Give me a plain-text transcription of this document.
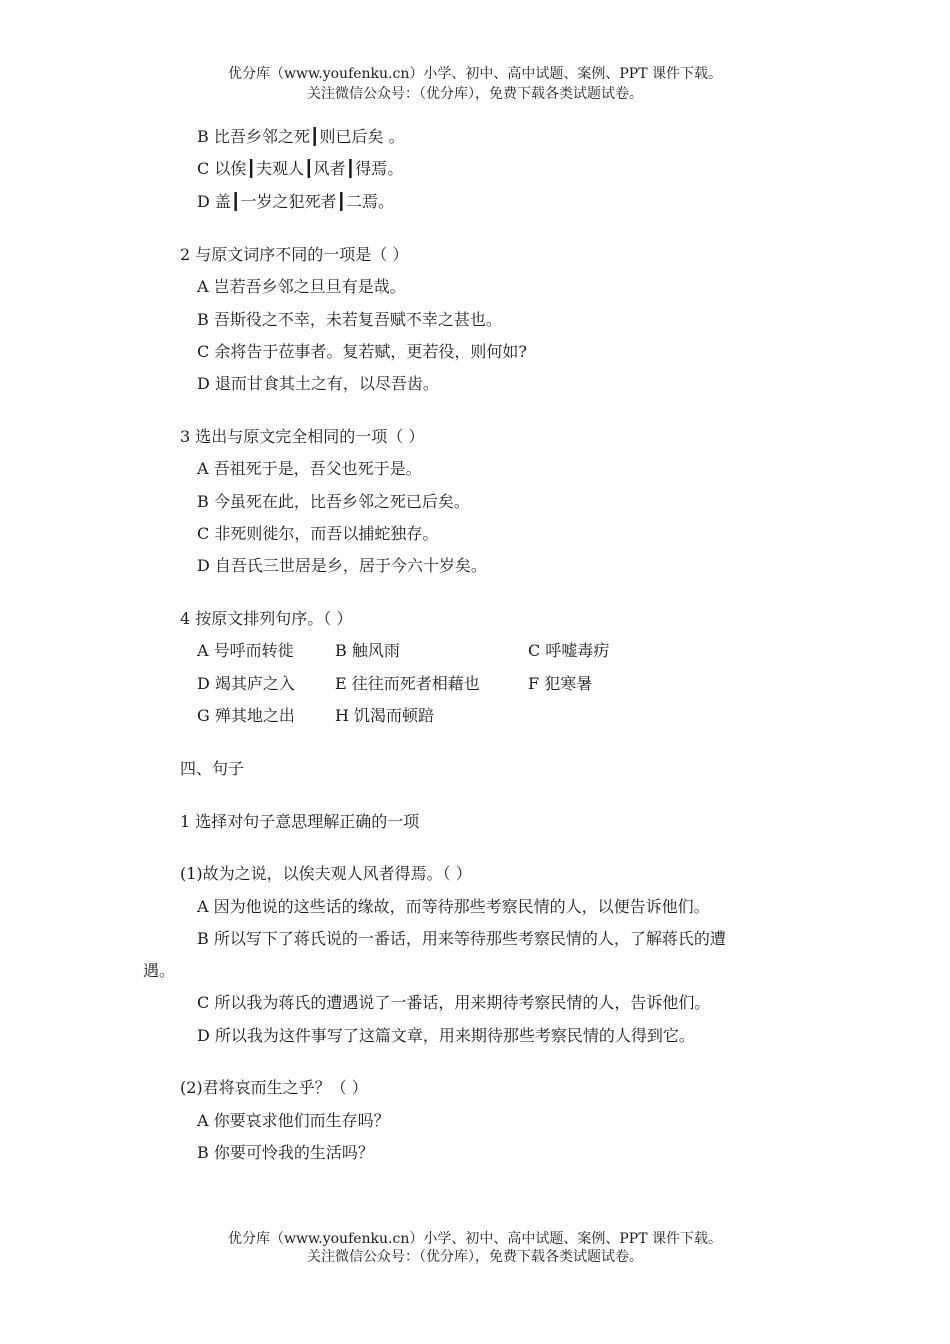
优分库（www.youfenku.cn）小学、初中、高中试题、案例、PPT 课件下载。
关注微信公众号：（优分库），免费下载各类试题试卷。
B 比吾乡邻之死┃则已后矣 。
C 以俟┃夫观人┃风者┃得焉。
D 盖┃一岁之犯死者┃二焉。
2 与原文词序不同的一项是（ ）
A 岂若吾乡邻之旦旦有是哉。
B 吾斯役之不幸，未若复吾赋不幸之甚也。
C 余将告于莅事者。复若赋，更若役，则何如?
D 退而甘食其土之有，以尽吾齿。
3 选出与原文完全相同的一项（ ）
A 吾祖死于是，吾父也死于是。
B 今虽死在此，比吾乡邻之死已后矣。
C 非死则徙尔，而吾以捕蛇独存。
D 自吾氏三世居是乡，居于今六十岁矣。
4 按原文排列句序。（ ）
A 号呼而转徙	B 触风雨	C 呼嘘毒疠
D 竭其庐之入	E 往往而死者相藉也	F 犯寒暑
G 殚其地之出	H 饥渴而顿踣
四、句子
1 选择对句子意思理解正确的一项
(1)故为之说，以俟夫观人风者得焉。（ ）
A 因为他说的这些话的缘故，而等待那些考察民情的人，以便告诉他们。
B 所以写下了蒋氏说的一番话，用来等待那些考察民情的人，了解蒋氏的遭
遇。
C 所以我为蒋氏的遭遇说了一番话，用来期待考察民情的人，告诉他们。
D 所以我为这件事写了这篇文章，用来期待那些考察民情的人得到它。
(2)君将哀而生之乎？（ ）
A 你要哀求他们而生存吗？
B 你要可怜我的生活吗？
优分库（www.youfenku.cn）小学、初中、高中试题、案例、PPT 课件下载。
关注微信公众号：（优分库），免费下载各类试题试卷。
